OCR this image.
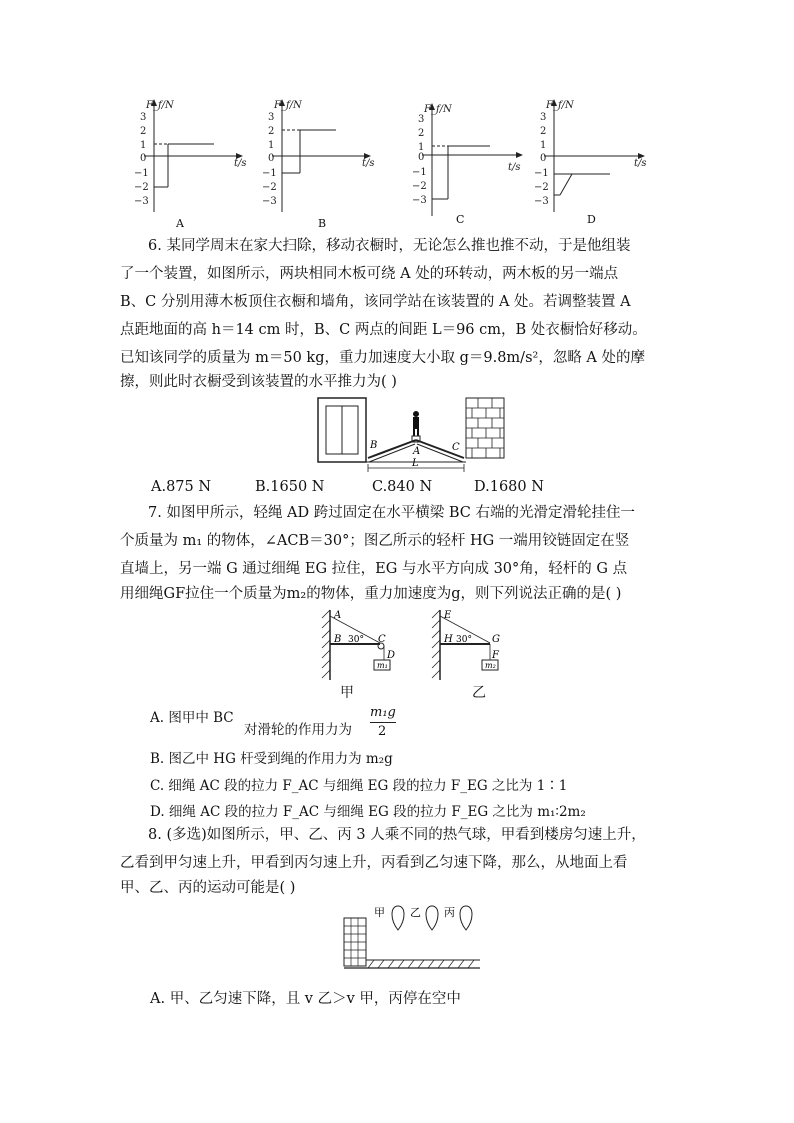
3
2
1
0
−1
−2
−3
F_f/N
t/s
A
3
2
1
0
−1
−2
−3
F_f/N
t/s
B
3
2
1
0
−1
−2
−3
F_f/N
t/s
C
3
2
1
0
−1
−2
−3
F_f/N
t/s
D
6. 某同学周末在家大扫除，移动衣橱时，无论怎么推也推不动，于是他组装
了一个装置，如图所示，两块相同木板可绕 A 处的环转动，两木板的另一端点
B、C 分别用薄木板顶住衣橱和墙角，该同学站在该装置的 A 处。若调整装置 A
点距地面的高 h＝14 cm 时，B、C 两点的间距 L＝96 cm，B 处衣橱恰好移动。
已知该同学的质量为 m＝50 kg，重力加速度大小取 g＝9.8m/s²，忽略 A 处的摩
擦，则此时衣橱受到该装置的水平推力为( )
B
A	C
L
A.875 N	B.1650 N	C.840 N	D.1680 N
7. 如图甲所示，轻绳 AD 跨过固定在水平横梁 BC 右端的光滑定滑轮挂住一
个质量为 m₁ 的物体，∠ACB＝30°；图乙所示的轻杆 HG 一端用铰链固定在竖
直墙上，另一端 G 通过细绳 EG 拉住，EG 与水平方向成 30°角，轻杆的 G 点
用细绳GF拉住一个质量为m₂的物体，重力加速度为g，则下列说法正确的是( )
A
B 30° C
D
m₁
甲
E
H 30° G
F
m₂
乙
A. 图甲中 BC
对滑轮的作用力为
m₁g
2
B. 图乙中 HG 杆受到绳的作用力为 m₂g
C. 细绳 AC 段的拉力 F_AC 与细绳 EG 段的拉力 F_EG 之比为 1∶1
D. 细绳 AC 段的拉力 F_AC 与细绳 EG 段的拉力 F_EG 之比为 m₁∶2m₂
8. (多选)如图所示，甲、乙、丙 3 人乘不同的热气球，甲看到楼房匀速上升，
乙看到甲匀速上升，甲看到丙匀速上升，丙看到乙匀速下降，那么，从地面上看
甲、乙、丙的运动可能是( )
甲 乙 丙
A. 甲、乙匀速下降，且 v 乙＞v 甲，丙停在空中
